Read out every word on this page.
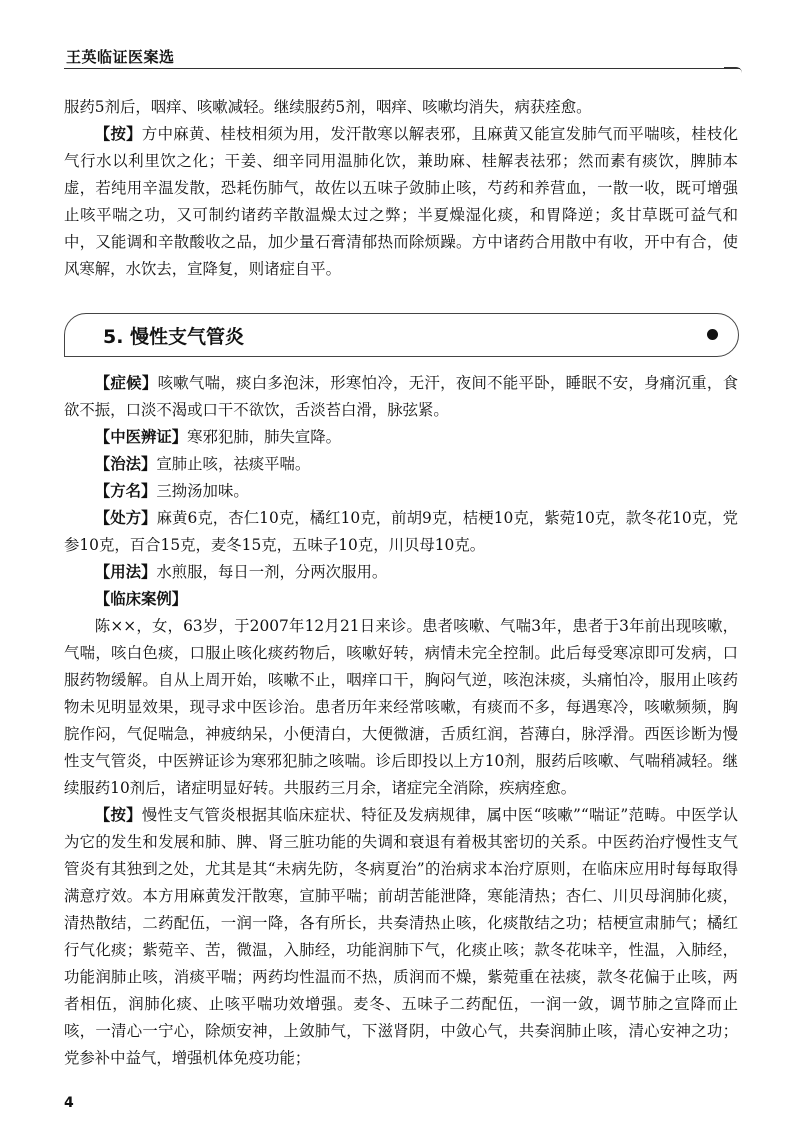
王英临证医案选

服药5剂后，咽痒、咳嗽减轻。继续服药5剂，咽痒、咳嗽均消失，病获痊愈。

【按】方中麻黄、桂枝相须为用，发汗散寒以解表邪，且麻黄又能宣发肺气而平喘咳，桂枝化气行水以利里饮之化；干姜、细辛同用温肺化饮，兼助麻、桂解表祛邪；然而素有痰饮，脾肺本虚，若纯用辛温发散，恐耗伤肺气，故佐以五味子敛肺止咳，芍药和养营血，一散一收，既可增强止咳平喘之功，又可制约诸药辛散温燥太过之弊；半夏燥湿化痰，和胃降逆；炙甘草既可益气和中，又能调和辛散酸收之品，加少量石膏清郁热而除烦躁。方中诸药合用散中有收，开中有合，使风寒解，水饮去，宣降复，则诸症自平。

5. 慢性支气管炎

【症候】咳嗽气喘，痰白多泡沫，形寒怕冷，无汗，夜间不能平卧，睡眠不安，身痛沉重，食欲不振，口淡不渴或口干不欲饮，舌淡苔白滑，脉弦紧。

【中医辨证】寒邪犯肺，肺失宣降。

【治法】宣肺止咳，祛痰平喘。

【方名】三拗汤加味。

【处方】麻黄6克，杏仁10克，橘红10克，前胡9克，桔梗10克，紫菀10克，款冬花10克，党参10克，百合15克，麦冬15克，五味子10克，川贝母10克。

【用法】水煎服，每日一剂，分两次服用。

【临床案例】

陈××，女，63岁，于2007年12月21日来诊。患者咳嗽、气喘3年，患者于3年前出现咳嗽，气喘，咳白色痰，口服止咳化痰药物后，咳嗽好转，病情未完全控制。此后每受寒凉即可发病，口服药物缓解。自从上周开始，咳嗽不止，咽痒口干，胸闷气逆，咳泡沫痰，头痛怕冷，服用止咳药物未见明显效果，现寻求中医诊治。患者历年来经常咳嗽，有痰而不多，每遇寒冷，咳嗽频频，胸脘作闷，气促喘急，神疲纳呆，小便清白，大便微溏，舌质红润，苔薄白，脉浮滑。西医诊断为慢性支气管炎，中医辨证诊为寒邪犯肺之咳喘。诊后即投以上方10剂，服药后咳嗽、气喘稍减轻。继续服药10剂后，诸症明显好转。共服药三月余，诸症完全消除，疾病痊愈。

【按】慢性支气管炎根据其临床症状、特征及发病规律，属中医“咳嗽”“喘证”范畴。中医学认为它的发生和发展和肺、脾、肾三脏功能的失调和衰退有着极其密切的关系。中医药治疗慢性支气管炎有其独到之处，尤其是其“未病先防，冬病夏治”的治病求本治疗原则，在临床应用时每每取得满意疗效。本方用麻黄发汗散寒，宣肺平喘；前胡苦能泄降，寒能清热；杏仁、川贝母润肺化痰，清热散结，二药配伍，一润一降，各有所长，共奏清热止咳，化痰散结之功；桔梗宣肃肺气；橘红行气化痰；紫菀辛、苦，微温，入肺经，功能润肺下气，化痰止咳；款冬花味辛，性温，入肺经，功能润肺止咳，消痰平喘；两药均性温而不热，质润而不燥，紫菀重在祛痰，款冬花偏于止咳，两者相伍，润肺化痰、止咳平喘功效增强。麦冬、五味子二药配伍，一润一敛，调节肺之宣降而止咳，一清心一宁心，除烦安神，上敛肺气，下滋肾阴，中敛心气，共奏润肺止咳，清心安神之功；党参补中益气，增强机体免疫功能；

4
